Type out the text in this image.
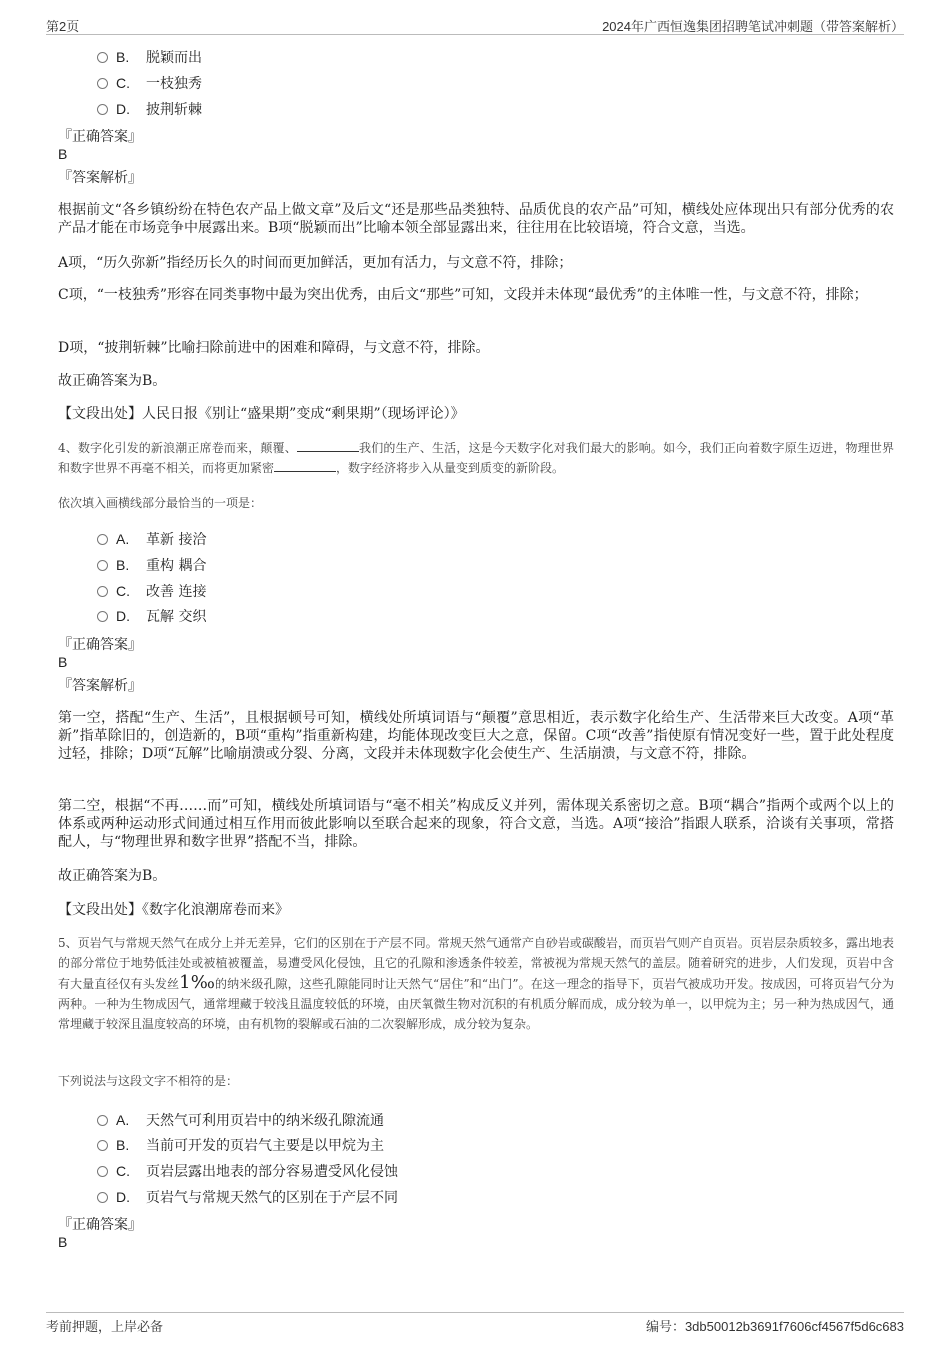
第2页	2024年广西恒逸集团招聘笔试冲刺题（带答案解析）
B. 脱颖而出
C. 一枝独秀
D. 披荆斩棘
『正确答案』
B
『答案解析』
根据前文“各乡镇纷纷在特色农产品上做文章”及后文“还是那些品类独特、品质优良的农产品”可知，横线处应体现出只有部分优秀的农产品才能在市场竞争中展露出来。B项“脱颖而出”比喻本领全部显露出来，往往用在比较语境，符合文意，当选。
A项，“历久弥新”指经历长久的时间而更加鲜活，更加有活力，与文意不符，排除；
C项，“一枝独秀”形容在同类事物中最为突出优秀，由后文“那些”可知，文段并未体现“最优秀”的主体唯一性，与文意不符，排除；
D项，“披荆斩棘”比喻扫除前进中的困难和障碍，与文意不符，排除。
故正确答案为B。
【文段出处】人民日报《别让“盛果期”变成“剩果期”（现场评论）》
4、数字化引发的新浪潮正席卷而来，颠覆、	我们的生产、生活，这是今天数字化对我们最大的影响。如今，我们正向着数字原生迈进，物理世界和数字世界不再毫不相关，而将更加紧密	，数字经济将步入从量变到质变的新阶段。
依次填入画横线部分最恰当的一项是：
A. 革新 接洽
B. 重构 耦合
C. 改善 连接
D. 瓦解 交织
『正确答案』
B
『答案解析』
第一空，搭配“生产、生活”，且根据顿号可知，横线处所填词语与“颠覆”意思相近，表示数字化给生产、生活带来巨大改变。A项“革新”指革除旧的，创造新的，B项“重构”指重新构建，均能体现改变巨大之意，保留。C项“改善”指使原有情况变好一些，置于此处程度过轻，排除；D项“瓦解”比喻崩溃或分裂、分离，文段并未体现数字化会使生产、生活崩溃，与文意不符，排除。
第二空，根据“不再……而”可知，横线处所填词语与“毫不相关”构成反义并列，需体现关系密切之意。B项“耦合”指两个或两个以上的体系或两种运动形式间通过相互作用而彼此影响以至联合起来的现象，符合文意，当选。A项“接洽”指跟人联系，洽谈有关事项，常搭配人，与“物理世界和数字世界”搭配不当，排除。
故正确答案为B。
【文段出处】《数字化浪潮席卷而来》
5、页岩气与常规天然气在成分上并无差异，它们的区别在于产层不同。常规天然气通常产自砂岩或碳酸岩，而页岩气则产自页岩。页岩层杂质较多，露出地表的部分常位于地势低洼处或被植被覆盖，易遭受风化侵蚀，且它的孔隙和渗透条件较差，常被视为常规天然气的盖层。随着研究的进步，人们发现，页岩中含有大量直径仅有头发丝1‰的纳米级孔隙，这些孔隙能同时让天然气“居住”和“出门”。在这一理念的指导下，页岩气被成功开发。按成因，可将页岩气分为两种。一种为生物成因气，通常埋藏于较浅且温度较低的环境，由厌氧微生物对沉积的有机质分解而成，成分较为单一，以甲烷为主；另一种为热成因气，通常埋藏于较深且温度较高的环境，由有机物的裂解或石油的二次裂解形成，成分较为复杂。
下列说法与这段文字不相符的是：
A. 天然气可利用页岩中的纳米级孔隙流通
B. 当前可开发的页岩气主要是以甲烷为主
C. 页岩层露出地表的部分容易遭受风化侵蚀
D. 页岩气与常规天然气的区别在于产层不同
『正确答案』
B
考前押题，上岸必备	编号：3db50012b3691f7606cf4567f5d6c683
